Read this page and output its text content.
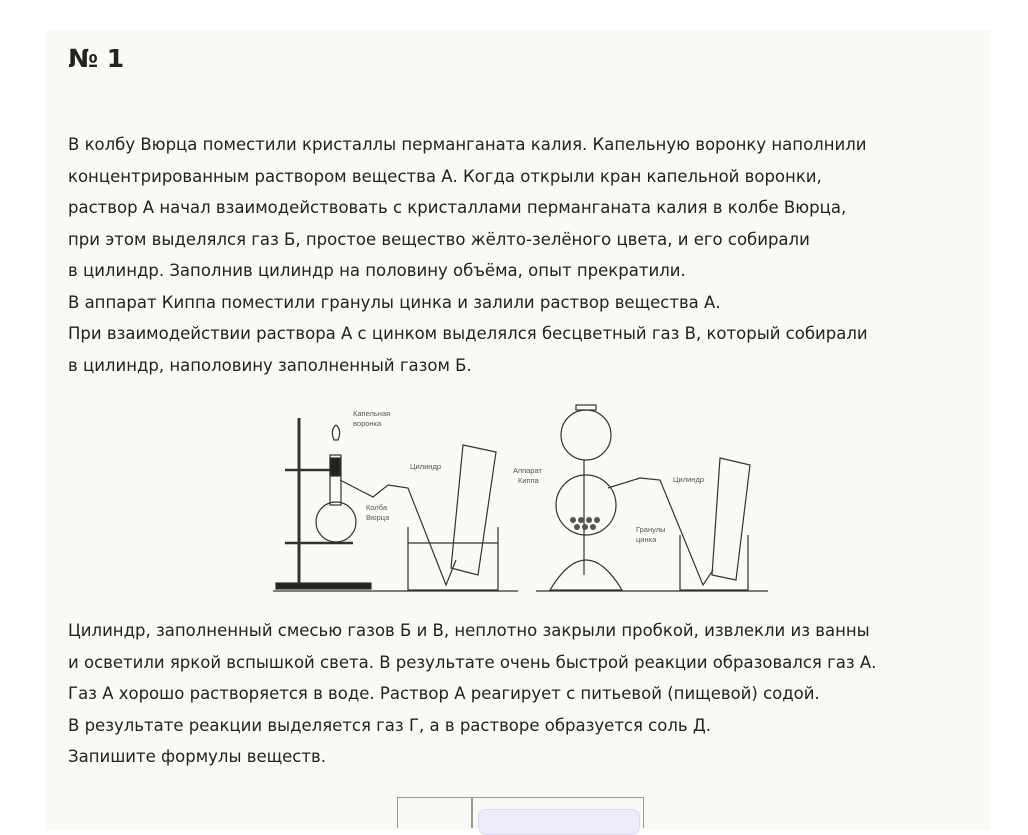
№ 1
В колбу Вюрца поместили кристаллы перманганата калия. Капельную воронку наполнили
концентрированным раствором вещества А. Когда открыли кран капельной воронки,
раствор А начал взаимодействовать с кристаллами перманганата калия в колбе Вюрца,
при этом выделялся газ Б, простое вещество жёлто-зелёного цвета, и его собирали
в цилиндр. Заполнив цилиндр на половину объёма, опыт прекратили.
В аппарат Киппа поместили гранулы цинка и залили раствор вещества А.
При взаимодействии раствора А с цинком выделялся бесцветный газ В, который собирали
в цилиндр, наполовину заполненный газом Б.
Капельная
воронка
Колба
Вюрца
Цилиндр	Аппарат
Киппа
Гранулы
цинка
Цилиндр
Цилиндр, заполненный смесью газов Б и В, неплотно закрыли пробкой, извлекли из ванны
и осветили яркой вспышкой света. В результате очень быстрой реакции образовался газ А.
Газ А хорошо растворяется в воде. Раствор А реагирует с питьевой (пищевой) содой.
В результате реакции выделяется газ Г, а в растворе образуется соль Д.
Запишите формулы веществ.
